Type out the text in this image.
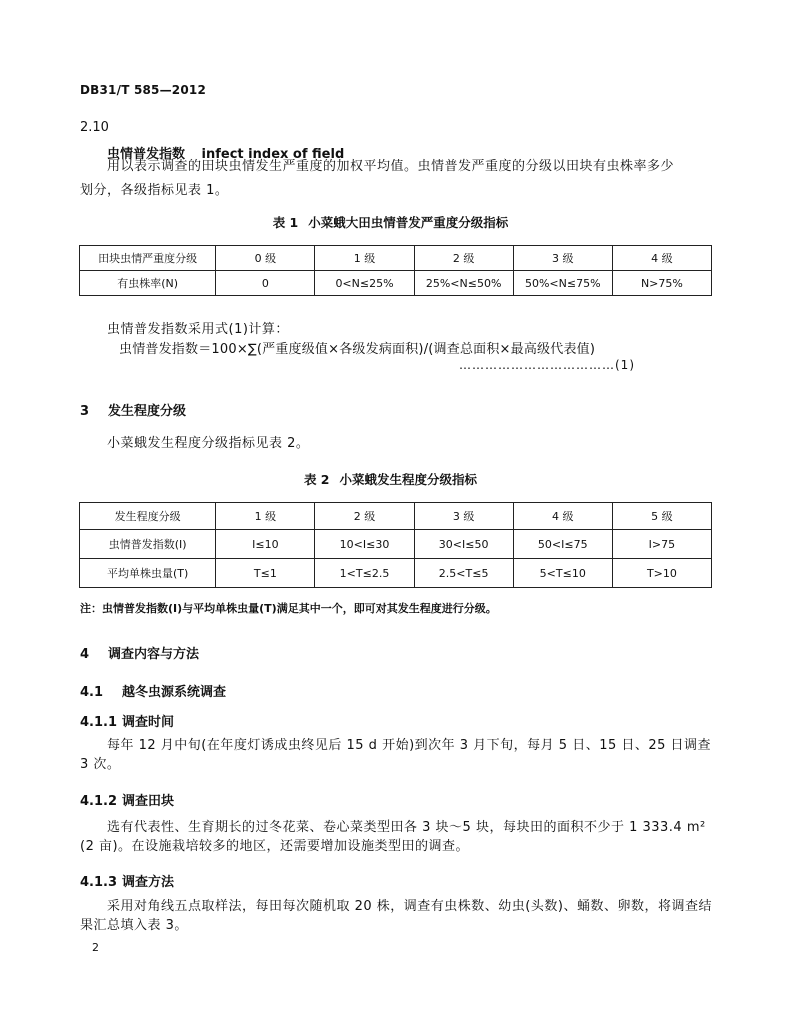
DB31/T 585—2012
2.10
虫情普发指数 infect index of field
用以表示调查的田块虫情发生严重度的加权平均值。虫情普发严重度的分级以田块有虫株率多少
划分，各级指标见表 1。
表 1 小菜蛾大田虫情普发严重度分级指标
田块虫情严重度分级	0 级	1 级	2 级	3 级	4 级
有虫株率(N)	0	0<N≤25%	25%<N≤50%	50%<N≤75%	N>75%
虫情普发指数采用式(1)计算：
虫情普发指数＝100×∑(严重度级值×各级发病面积)/(调查总面积×最高级代表值)
………………………………(1)
3 发生程度分级
小菜蛾发生程度分级指标见表 2。
表 2 小菜蛾发生程度分级指标
发生程度分级	1 级	2 级	3 级	4 级	5 级
虫情普发指数(I)	I≤10	10<I≤30	30<I≤50	50<I≤75	I>75
平均单株虫量(T)	T≤1	1<T≤2.5	2.5<T≤5	5<T≤10	T>10
注：虫情普发指数(I)与平均单株虫量(T)满足其中一个，即可对其发生程度进行分级。
4 调查内容与方法
4.1 越冬虫源系统调查
4.1.1 调查时间
每年 12 月中旬(在年度灯诱成虫终见后 15 d 开始)到次年 3 月下旬，每月 5 日、15 日、25 日调查
3 次。
4.1.2 调查田块
选有代表性、生育期长的过冬花菜、卷心菜类型田各 3 块～5 块，每块田的面积不少于 1 333.4 m²
(2 亩)。在设施栽培较多的地区，还需要增加设施类型田的调查。
4.1.3 调查方法
采用对角线五点取样法，每田每次随机取 20 株，调查有虫株数、幼虫(头数)、蛹数、卵数，将调查结
果汇总填入表 3。
2
